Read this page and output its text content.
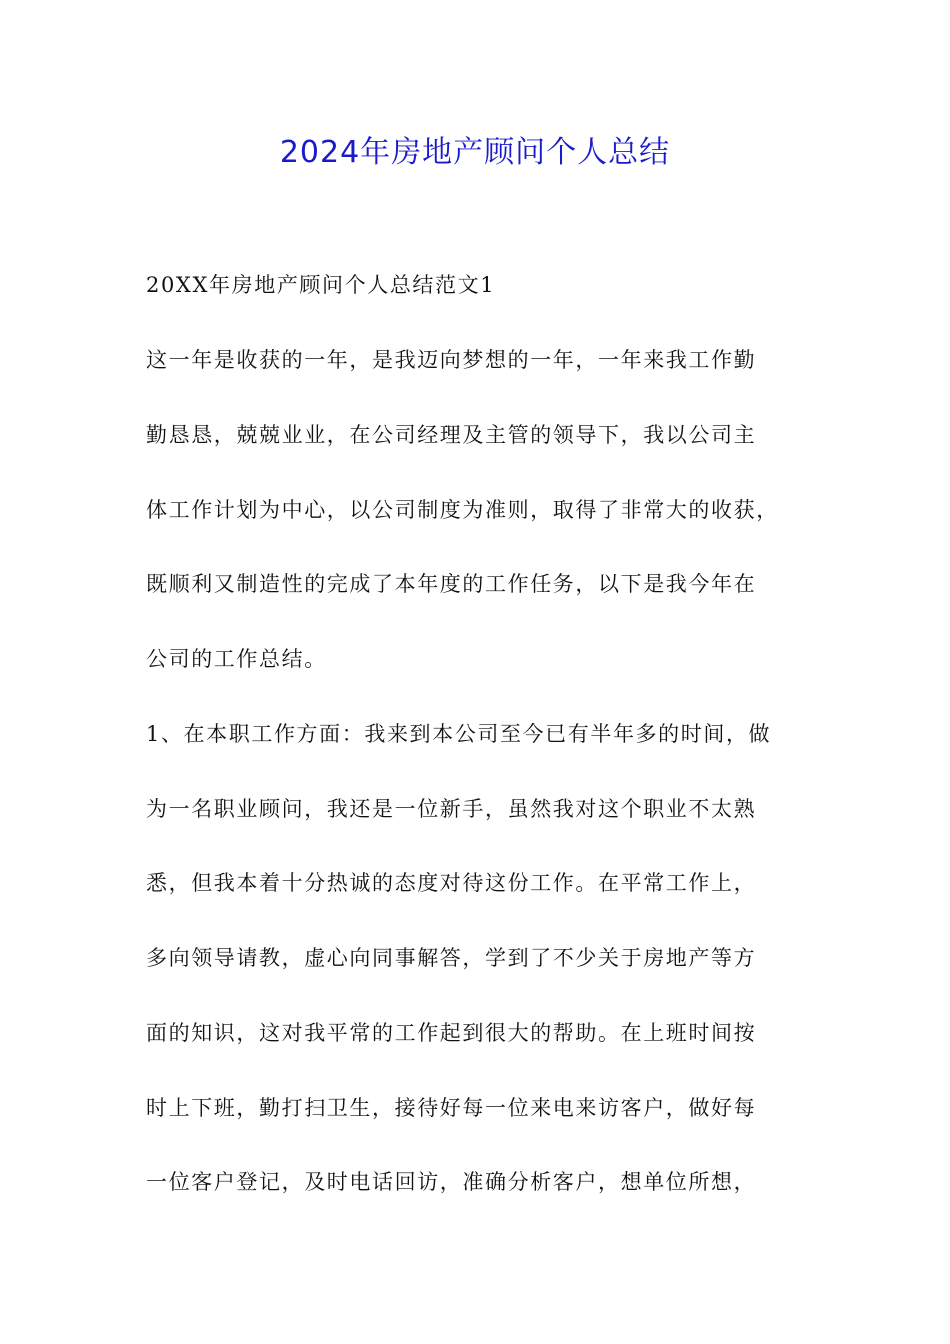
2024年房地产顾问个人总结
20XX年房地产顾问个人总结范文1
这一年是收获的一年，是我迈向梦想的一年，一年来我工作勤
勤恳恳，兢兢业业，在公司经理及主管的领导下，我以公司主
体工作计划为中心，以公司制度为准则，取得了非常大的收获，
既顺利又制造性的完成了本年度的工作任务，以下是我今年在
公司的工作总结。
1、在本职工作方面：我来到本公司至今已有半年多的时间，做
为一名职业顾问，我还是一位新手，虽然我对这个职业不太熟
悉，但我本着十分热诚的态度对待这份工作。在平常工作上，
多向领导请教，虚心向同事解答，学到了不少关于房地产等方
面的知识，这对我平常的工作起到很大的帮助。在上班时间按
时上下班，勤打扫卫生，接待好每一位来电来访客户，做好每
一位客户登记，及时电话回访，准确分析客户，想单位所想，
